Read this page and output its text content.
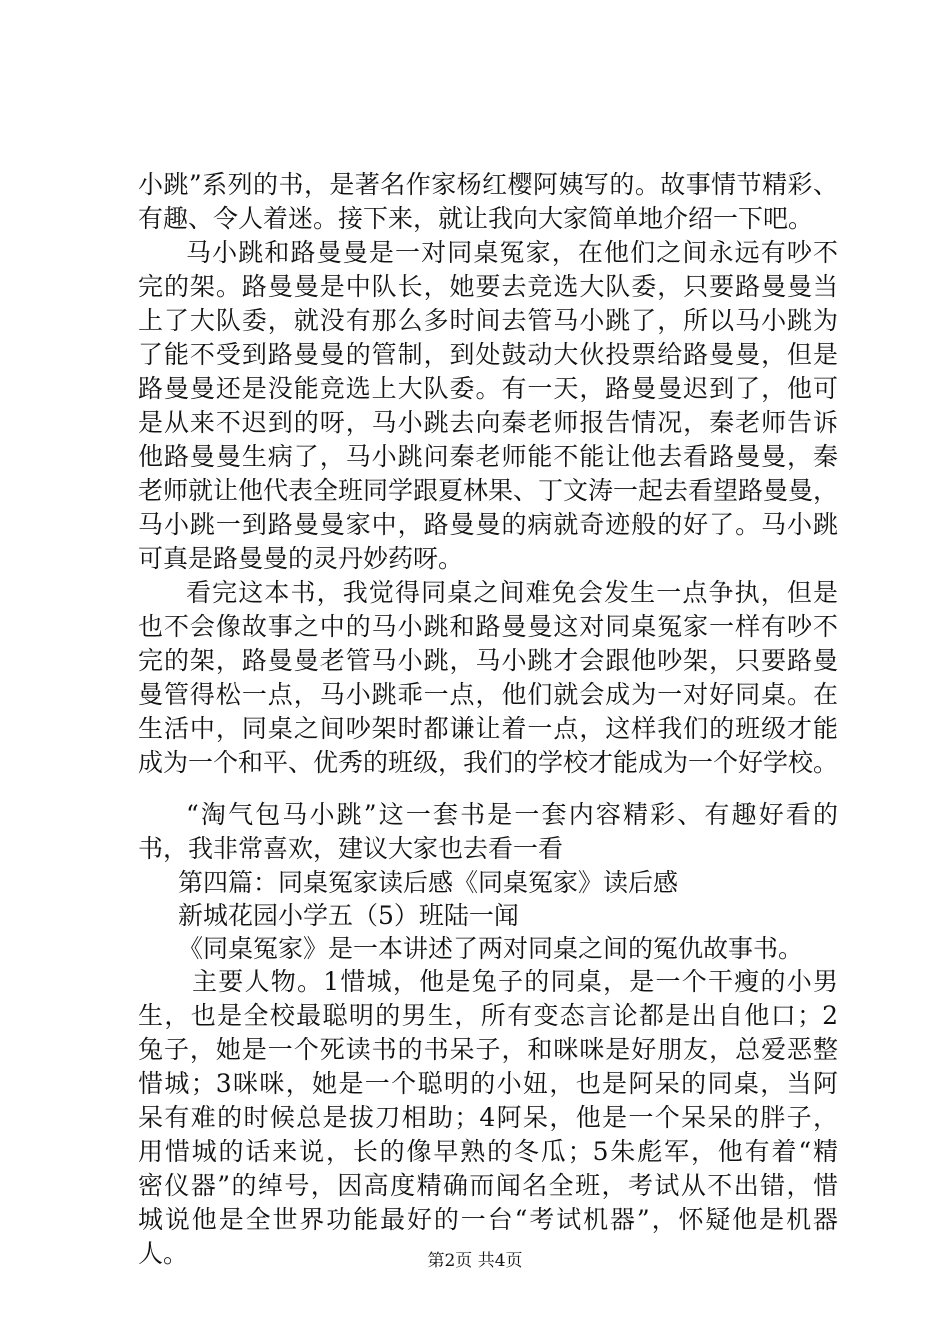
小跳”系列的书，是著名作家杨红樱阿姨写的。故事情节精彩、
有趣、令人着迷。接下来，就让我向大家简单地介绍一下吧。
马小跳和路曼曼是一对同桌冤家，在他们之间永远有吵不
完的架。路曼曼是中队长，她要去竞选大队委，只要路曼曼当
上了大队委，就没有那么多时间去管马小跳了，所以马小跳为
了能不受到路曼曼的管制，到处鼓动大伙投票给路曼曼，但是
路曼曼还是没能竞选上大队委。有一天，路曼曼迟到了，他可
是从来不迟到的呀，马小跳去向秦老师报告情况，秦老师告诉
他路曼曼生病了，马小跳问秦老师能不能让他去看路曼曼，秦
老师就让他代表全班同学跟夏林果、丁文涛一起去看望路曼曼，
马小跳一到路曼曼家中，路曼曼的病就奇迹般的好了。马小跳
可真是路曼曼的灵丹妙药呀。
看完这本书，我觉得同桌之间难免会发生一点争执，但是
也不会像故事之中的马小跳和路曼曼这对同桌冤家一样有吵不
完的架，路曼曼老管马小跳，马小跳才会跟他吵架，只要路曼
曼管得松一点，马小跳乖一点，他们就会成为一对好同桌。在
生活中，同桌之间吵架时都谦让着一点，这样我们的班级才能
成为一个和平、优秀的班级，我们的学校才能成为一个好学校。
“淘气包马小跳”这一套书是一套内容精彩、有趣好看的
书，我非常喜欢，建议大家也去看一看
第四篇：同桌冤家读后感《同桌冤家》读后感
新城花园小学五（5）班陆一闻
《同桌冤家》是一本讲述了两对同桌之间的冤仇故事书。
主要人物。1惜城，他是兔子的同桌，是一个干瘦的小男
生，也是全校最聪明的男生，所有变态言论都是出自他口；2
兔子，她是一个死读书的书呆子，和咪咪是好朋友，总爱恶整
惜城；3咪咪，她是一个聪明的小妞，也是阿呆的同桌，当阿
呆有难的时候总是拔刀相助；4阿呆，他是一个呆呆的胖子，
用惜城的话来说，长的像早熟的冬瓜；5朱彪军，他有着“精
密仪器”的绰号，因高度精确而闻名全班，考试从不出错，惜
城说他是全世界功能最好的一台“考试机器”，怀疑他是机器
人。	第2页 共4页
